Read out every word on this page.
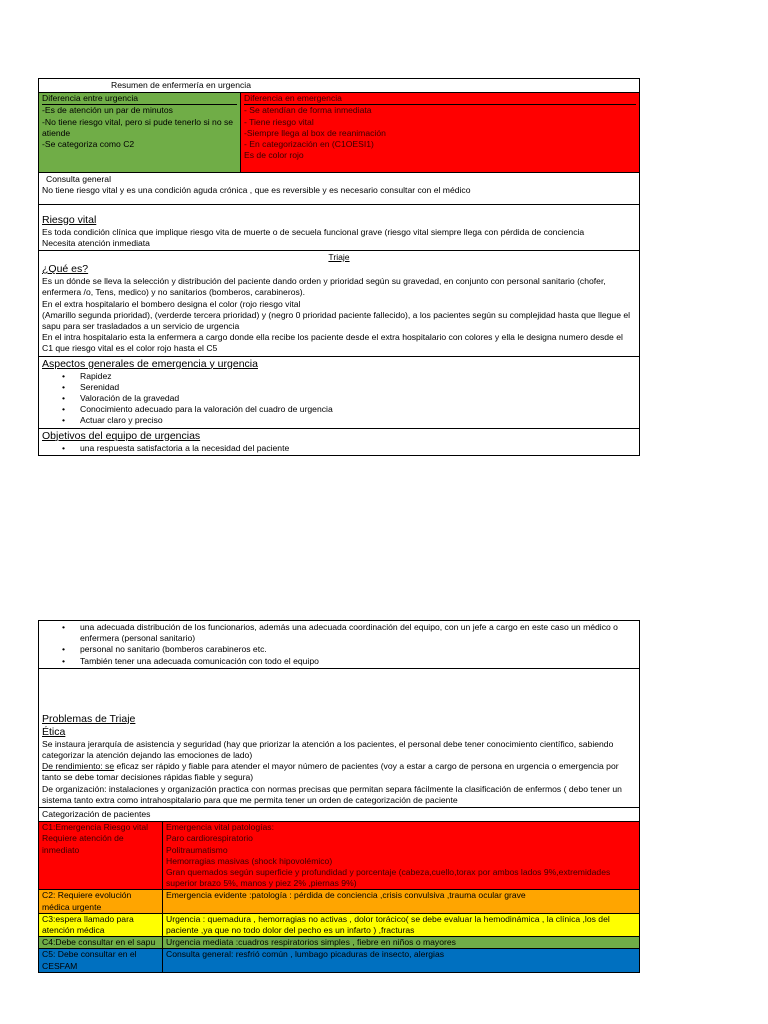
Resumen de enfermería en urgencia
Diferencia entre urgencia
-Es de atención un par de minutos
-No tiene riesgo vital, pero si pude tenerlo si no se atiende
-Se categoriza como C2
Diferencia en emergencia
- Se atendían de forma inmediata
- Tiene riesgo vital
-Siempre llega al box de reanimación
- En categorización en (C1OESI1)
Es de color rojo
Consulta general
No tiene riesgo vital y es una condición aguda crónica , que es reversible y es necesario consultar con el médico
Riesgo vital
Es toda condición clínica que implique riesgo vita de muerte o de secuela funcional grave (riesgo vital siempre llega con pérdida de conciencia
Necesita atención inmediata
Triaje
¿Qué es?
Es un dónde se lleva la selección y distribución del paciente dando orden y prioridad según su gravedad, en conjunto con personal sanitario (chofer, enfermera /o, Tens, medico) y no sanitarios (bomberos, carabineros).
En el extra hospitalario el bombero designa el color (rojo riesgo vital
(Amarillo segunda prioridad), (verderde tercera prioridad) y (negro 0 prioridad paciente fallecido), a los pacientes según su complejidad hasta que llegue el sapu para ser trasladados a un servicio de urgencia
En el intra hospitalario esta la enfermera a cargo donde ella recibe los paciente desde el extra hospitalario con colores y ella le designa numero desde el C1 que riesgo vital es el color rojo hasta el C5
Aspectos generales de emergencia y urgencia
• Rapidez
• Serenidad
• Valoración de la gravedad
• Conocimiento adecuado para la valoración del cuadro de urgencia
• Actuar claro y preciso
Objetivos del equipo de urgencias
• una respuesta satisfactoria a la necesidad del paciente
• una adecuada distribución de los funcionarios, además una adecuada coordinación del equipo, con un jefe a cargo en este caso un médico o enfermera (personal sanitario)
• personal no sanitario (bomberos carabineros etc.
• También tener una adecuada comunicación con todo el equipo
Problemas de Triaje
Ética
Se instaura jerarquía de asistencia y seguridad (hay que priorizar la atención a los pacientes, el personal debe tener conocimiento científico, sabiendo categorizar la atención dejando las emociones de lado)
De rendimiento: se eficaz ser rápido y fiable para atender el mayor número de pacientes (voy a estar a cargo de persona en urgencia o emergencia por tanto se debe tomar decisiones rápidas fiable y segura)
De organización: instalaciones y organización practica con normas precisas que permitan separa fácilmente la clasificación de enfermos ( debo tener un sistema tanto extra como intrahospitalario para que me permita tener un orden de categorización de paciente
Categorización de pacientes
C1:Emergencia Riesgo vital Requiere atención de inmediato
Emergencia vital patologías:
Paro cardiorespiratorio
Politraumatismo
Hemorragias masivas (shock hipovolémico)
Gran quemados según superficie y profundidad y porcentaje (cabeza,cuello,torax por ambos lados 9%,extremidades superior brazo 5%, manos y piez 2% ,piernas 9%)
C2: Requiere evolución médica urgente
Emergencia evidente :patología : pérdida de conciencia ,crisis convulsiva ,trauma ocular grave
C3:espera llamado para atención médica
Urgencia : quemadura , hemorragias no activas , dolor torácico( se debe evaluar la hemodinámica , la clínica ,los del paciente ,ya que no todo dolor del pecho es un infarto ) ,fracturas
C4:Debe consultar en el sapu	Urgencia mediata :cuadros respiratorios simples , fiebre en niños o mayores
C5: Debe consultar en el CESFAM
Consulta general: resfrió común , lumbago picaduras de insecto, alergias
